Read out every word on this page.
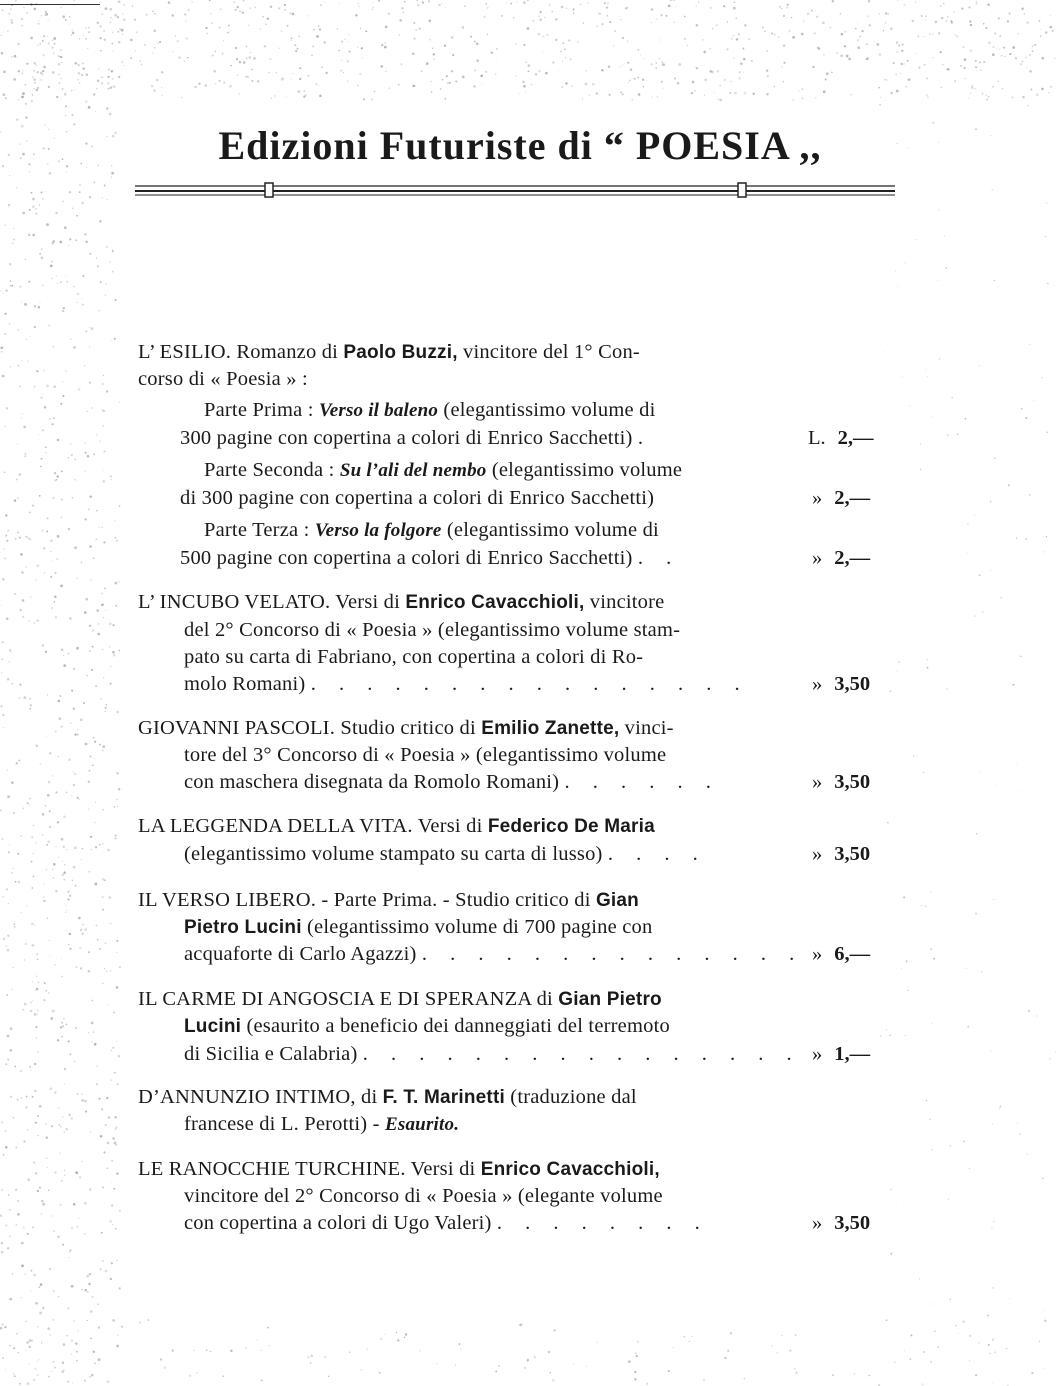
Edizioni Futuriste di “ POESIA ,,
L’ ESILIO. Romanzo di Paolo Buzzi, vincitore del 1° Con-
corso di « Poesia » :
Parte Prima : Verso il baleno (elegantissimo volume di
300 pagine con copertina a colori di Enrico Sacchetti) .	L. 2,—
Parte Seconda : Su l’ali del nembo (elegantissimo volume
di 300 pagine con copertina a colori di Enrico Sacchetti)	» 2,—
Parte Terza : Verso la folgore (elegantissimo volume di
500 pagine con copertina a colori di Enrico Sacchetti) . .	» 2,—
L’ INCUBO VELATO. Versi di Enrico Cavacchioli, vincitore
del 2° Concorso di « Poesia » (elegantissimo volume stam-
pato su carta di Fabriano, con copertina a colori di Ro-
molo Romani) . . . . . . . . . . . . . . . .	» 3,50
GIOVANNI PASCOLI. Studio critico di Emilio Zanette, vinci-
tore del 3° Concorso di « Poesia » (elegantissimo volume
con maschera disegnata da Romolo Romani) . . . . . .	» 3,50
LA LEGGENDA DELLA VITA. Versi di Federico De Maria
(elegantissimo volume stampato su carta di lusso) . . . .	» 3,50
IL VERSO LIBERO. - Parte Prima. - Studio critico di Gian
Pietro Lucini (elegantissimo volume di 700 pagine con
acquaforte di Carlo Agazzi) . . . . . . . . . . . . . . » 6,—
IL CARME DI ANGOSCIA E DI SPERANZA di Gian Pietro
Lucini (esaurito a beneficio dei danneggiati del terremoto
di Sicilia e Calabria) . . . . . . . . . . . . . . . . » 1,—
D’ANNUNZIO INTIMO, di F. T. Marinetti (traduzione dal
francese di L. Perotti) - Esaurito.
LE RANOCCHIE TURCHINE. Versi di Enrico Cavacchioli,
vincitore del 2° Concorso di « Poesia » (elegante volume
con copertina a colori di Ugo Valeri) . . . . . . . .	» 3,50
